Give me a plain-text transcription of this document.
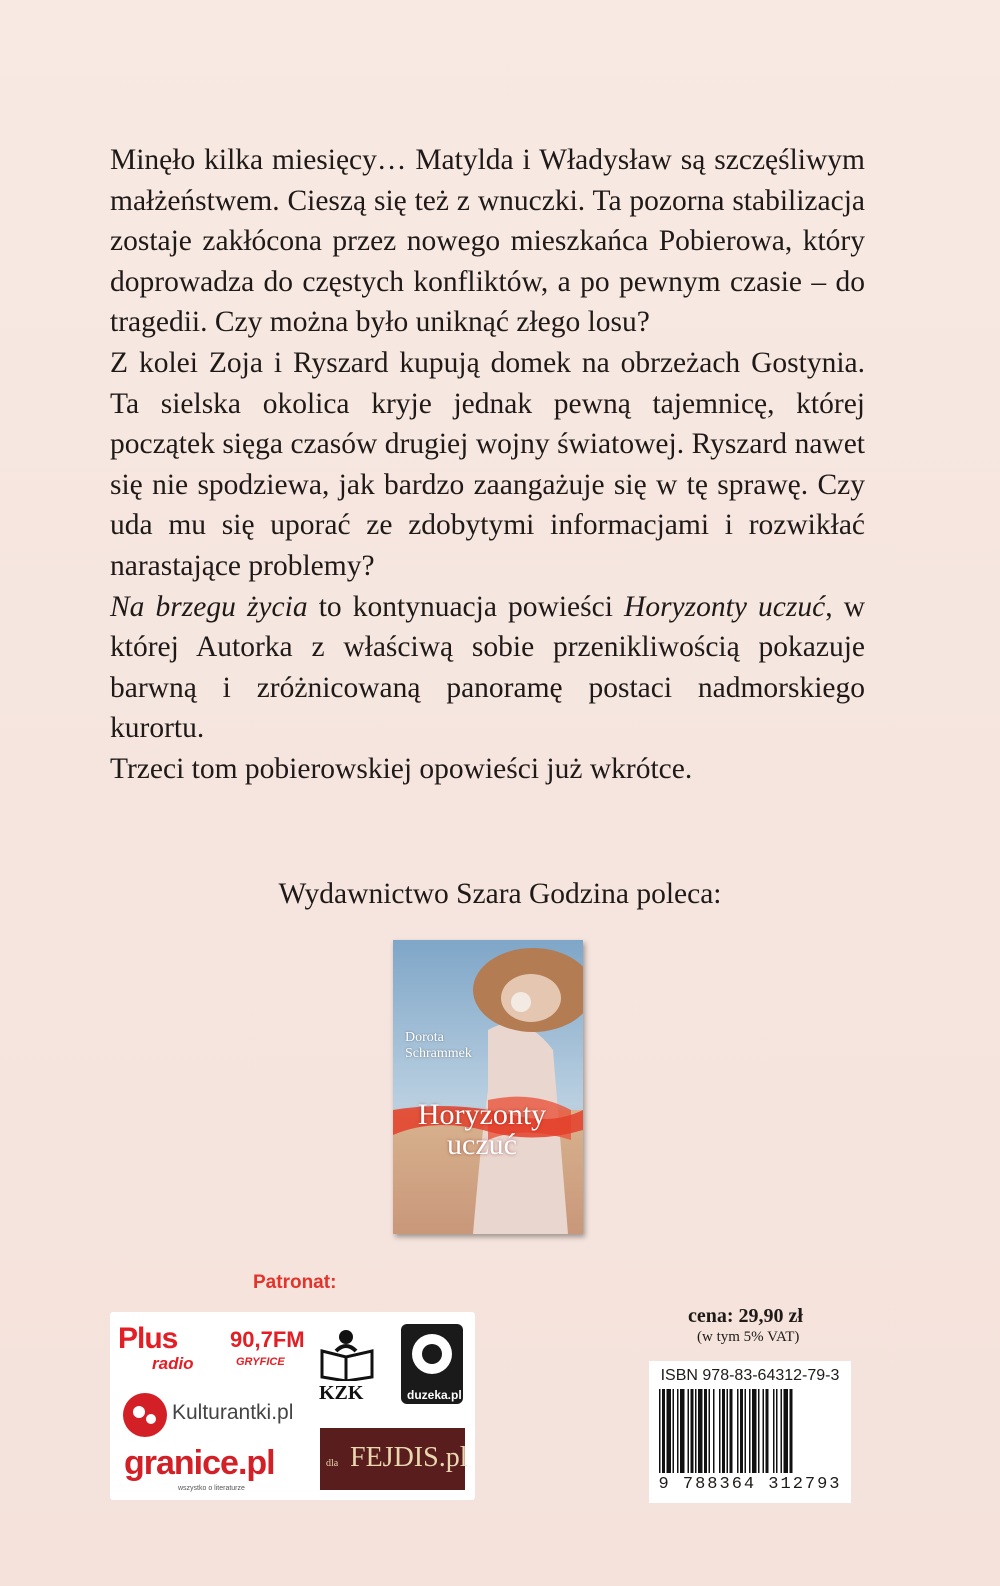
Minęło kilka miesięcy… Matylda i Władysław są szczęśliwym małżeństwem. Cieszą się też z wnuczki. Ta pozorna stabilizacja zostaje zakłócona przez nowego mieszkańca Pobierowa, który doprowadza do częstych konfliktów, a po pewnym czasie – do tragedii. Czy można było uniknąć złego losu?

Z kolei Zoja i Ryszard kupują domek na obrzeżach Gostynia. Ta sielska okolica kryje jednak pewną tajemnicę, której początek sięga czasów drugiej wojny światowej. Ryszard nawet się nie spodziewa, jak bardzo zaangażuje się w tę sprawę. Czy uda mu się uporać ze zdobytymi informacjami i rozwikłać narastające problemy?

Na brzegu życia to kontynuacja powieści Horyzonty uczuć, w której Autorka z właściwą sobie przenikliwością pokazuje barwną i zróżnicowaną panoramę postaci nadmorskiego kurortu.

Trzeci tom pobierowskiej opowieści już wkrótce.

Wydawnictwo Szara Godzina poleca:
Dorota
Schrammek
Horyzonty
uczuć
Patronat:
Plus
radio
90,7FM
GRYFICE
Kulturantki.pl
granice.pl
wszystko o literaturze
KZK	duzeka.pl
dla FEJDIS.pl
cena: 29,90 zł
(w tym 5% VAT)
ISBN 978-83-64312-79-3
9 788364 312793
